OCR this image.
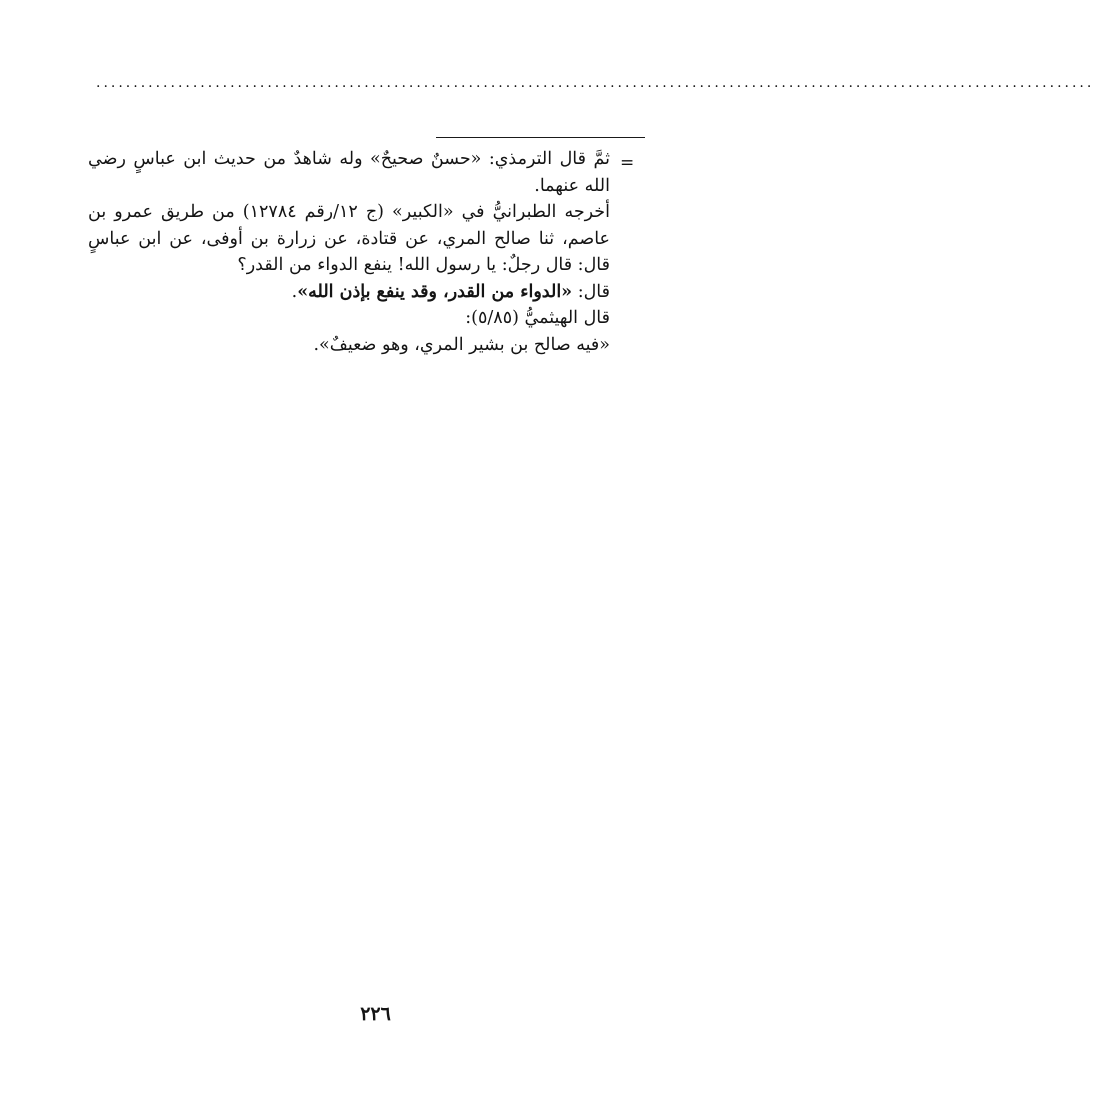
......................................................................................................................................
=

ثمَّ قال الترمذي: «حسنٌ صحيحٌ» وله شاهدٌ من حديث ابن عباسٍ رضي الله عنهما.

أخرجه الطبرانيُّ في «الكبير» (ج ١٢/رقم ١٢٧٨٤) من طريق عمرو بن عاصم، ثنا صالح المري، عن قتادة، عن زرارة بن أوفى، عن ابن عباسٍ قال: قال رجلٌ: يا رسول الله! ينفع الدواء من القدر؟

قال: «الدواء من القدر، وقد ينفع بإذن الله».

قال الهيثميُّ (٥/٨٥):

«فيه صالح بن بشير المري، وهو ضعيفٌ».

٢٢٦
